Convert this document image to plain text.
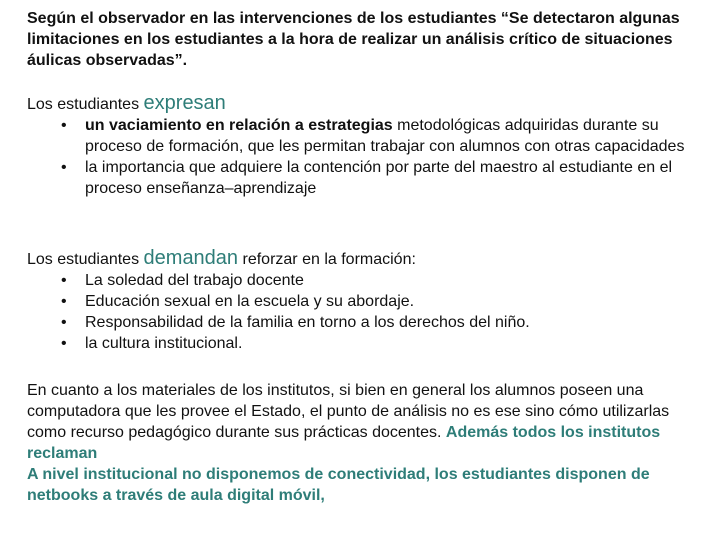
Según el observador en las intervenciones de los estudiantes “Se detectaron algunas limitaciones en los estudiantes a la hora de realizar un análisis crítico de situaciones áulicas observadas”.

Los estudiantes expresan
• un vaciamiento en relación a estrategias metodológicas adquiridas durante su proceso de formación, que les permitan trabajar con alumnos con otras capacidades
• la importancia que adquiere la contención por parte del maestro al estudiante en el proceso enseñanza–aprendizaje
Los estudiantes demandan reforzar en la formación:
• La soledad del trabajo docente
• Educación sexual en la escuela y su abordaje.
• Responsabilidad de la familia en torno a los derechos del niño.
• la cultura institucional.

En cuanto a los materiales de los institutos, si bien en general los alumnos poseen una computadora que les provee el Estado, el punto de análisis no es ese sino cómo utilizarlas como recurso pedagógico durante sus prácticas docentes. Además todos los institutos reclaman
A nivel institucional no disponemos de conectividad, los estudiantes disponen de netbooks a través de aula digital móvil,
